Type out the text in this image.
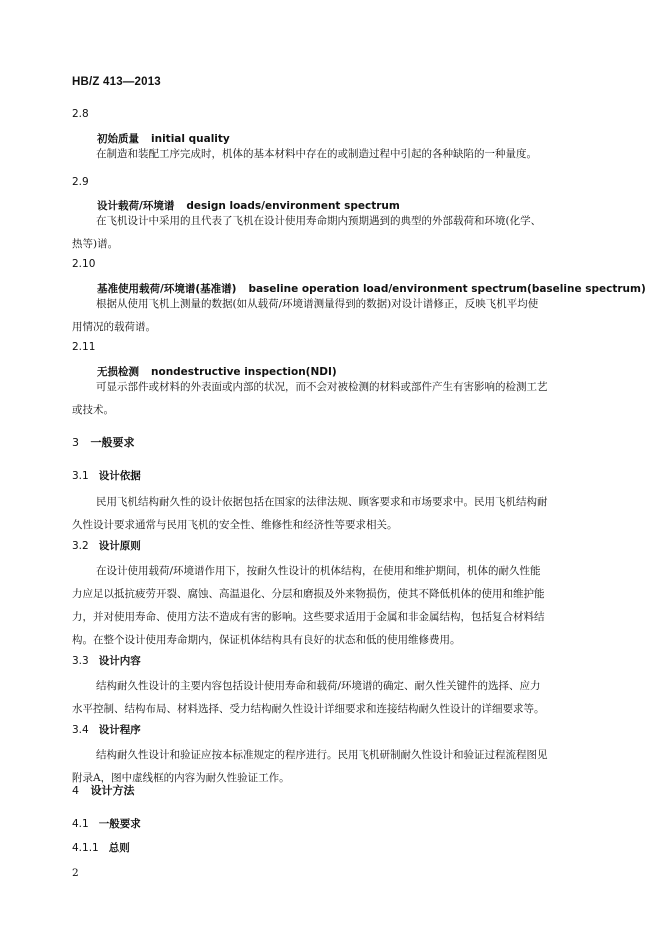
HB/Z 413—2013
2.8
初始质量 initial quality
在制造和装配工序完成时，机体的基本材料中存在的或制造过程中引起的各种缺陷的一种量度。
2.9
设计载荷/环境谱 design loads/environment spectrum
在飞机设计中采用的且代表了飞机在设计使用寿命期内预期遇到的典型的外部载荷和环境(化学、
热等)谱。
2.10
基准使用载荷/环境谱(基准谱) baseline operation load/environment spectrum(baseline spectrum)
根据从使用飞机上测量的数据(如从载荷/环境谱测量得到的数据)对设计谱修正，反映飞机平均使
用情况的载荷谱。
2.11
无损检测 nondestructive inspection(NDI)
可显示部件或材料的外表面或内部的状况，而不会对被检测的材料或部件产生有害影响的检测工艺
或技术。
3 一般要求
3.1 设计依据
民用飞机结构耐久性的设计依据包括在国家的法律法规、顾客要求和市场要求中。民用飞机结构耐
久性设计要求通常与民用飞机的安全性、维修性和经济性等要求相关。
3.2 设计原则
在设计使用载荷/环境谱作用下，按耐久性设计的机体结构，在使用和维护期间，机体的耐久性能
力应足以抵抗疲劳开裂、腐蚀、高温退化、分层和磨损及外来物损伤，使其不降低机体的使用和维护能
力，并对使用寿命、使用方法不造成有害的影响。这些要求适用于金属和非金属结构，包括复合材料结
构。在整个设计使用寿命期内，保证机体结构具有良好的状态和低的使用维修费用。
3.3 设计内容
结构耐久性设计的主要内容包括设计使用寿命和载荷/环境谱的确定、耐久性关键件的选择、应力
水平控制、结构布局、材料选择、受力结构耐久性设计详细要求和连接结构耐久性设计的详细要求等。
3.4 设计程序
结构耐久性设计和验证应按本标准规定的程序进行。民用飞机研制耐久性设计和验证过程流程图见
附录A，图中虚线框的内容为耐久性验证工作。
4 设计方法
4.1 一般要求
4.1.1 总则
2
